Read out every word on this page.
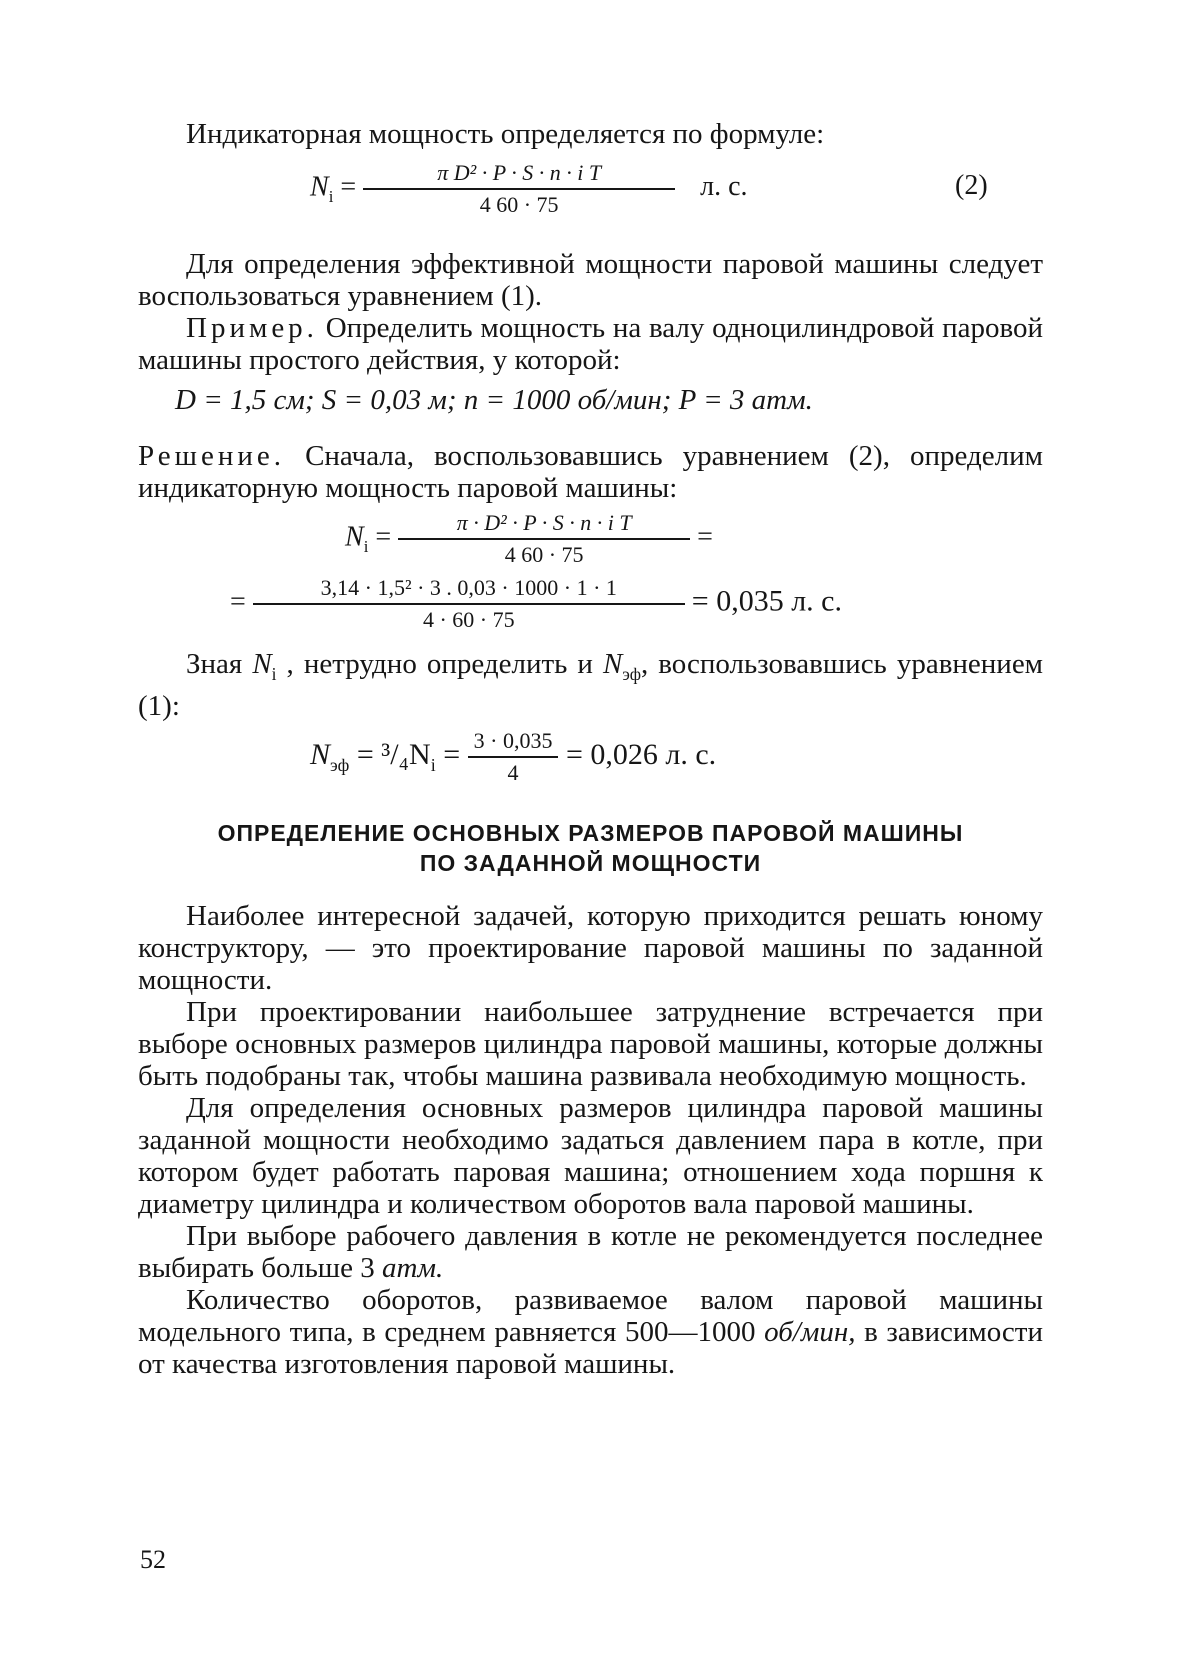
Индикаторная мощность определяется по формуле:

$N_i = \frac{\text{π D² · P · S · n · i T}}{4 60 \cdot 75} л$. с.	(2)

Для определения эффективной мощности паровой машины следует воспользоваться уравнением (1).

Пример. Определить мощность на валу одноцилиндровой паровой машины простого действия, у которой:

D = 1,5 см; S = 0,03 м; n = 1000 об/мин; P = 3 атм.

Решение. Сначала, воспользовавшись уравнением (2), определим индикаторную мощность паровой машины:

$N_i = \frac{\text{π · D² · P · S · n · i T}}{4 60 \cdot 75}$ =
= $\frac{\text{3,14 · 1,5² · 3 . 0,03 · 1000 · 1 · 1}}{4 \cdot 60 \cdot 75} = 0,035$ л. с.

Зная $N_i$ , нетрудно определить и $N_{эф}$, воспользовавшись уравнением (1):

$N_{эф} = ^3/_4N_i = \frac{3 \cdot 0,035}{4} = 0,026$ л. с.
ОПРЕДЕЛЕНИЕ ОСНОВНЫХ РАЗМЕРОВ ПАРОВОЙ МАШИНЫ
ПО ЗАДАННОЙ МОЩНОСТИ

Наиболее интересной задачей, которую приходится решать юному конструктору, — это проектирование паровой машины по заданной мощности.

При проектировании наибольшее затруднение встречается при выборе основных размеров цилиндра паровой машины, которые должны быть подобраны так, чтобы машина развивала необходимую мощность.

Для определения основных размеров цилиндра паровой машины заданной мощности необходимо задаться давлением пара в котле, при котором будет работать паровая машина; отношением хода поршня к диаметру цилиндра и количеством оборотов вала паровой машины.

При выборе рабочего давления в котле не рекомендуется последнее выбирать больше 3 атм.

Количество оборотов, развиваемое валом паровой машины модельного типа, в среднем равняется 500—1000 об/мин, в зависимости от качества изготовления паровой машины.

52
